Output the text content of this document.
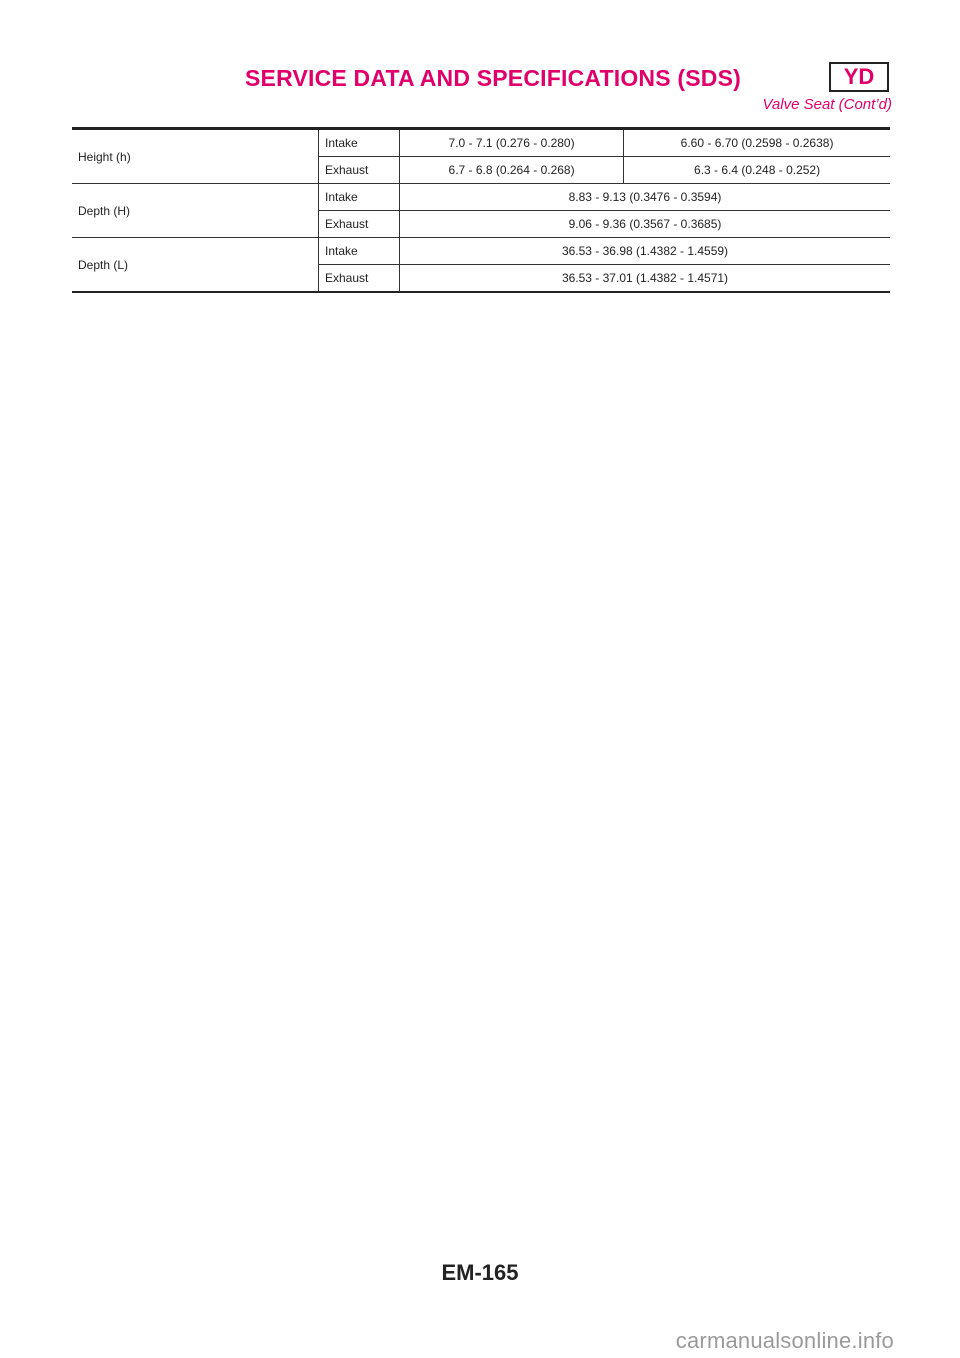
SERVICE DATA AND SPECIFICATIONS (SDS)	YD
Valve Seat (Cont’d)
Height (h)	Intake	7.0 - 7.1 (0.276 - 0.280)	6.60 - 6.70 (0.2598 - 0.2638)
	Exhaust	6.7 - 6.8 (0.264 - 0.268)	6.3 - 6.4 (0.248 - 0.252)
Depth (H)	Intake	8.83 - 9.13 (0.3476 - 0.3594)	
	Exhaust	9.06 - 9.36 (0.3567 - 0.3685)	
Depth (L)	Intake	36.53 - 36.98 (1.4382 - 1.4559)	
	Exhaust	36.53 - 37.01 (1.4382 - 1.4571)	
EM-165
carmanualsonline.info
